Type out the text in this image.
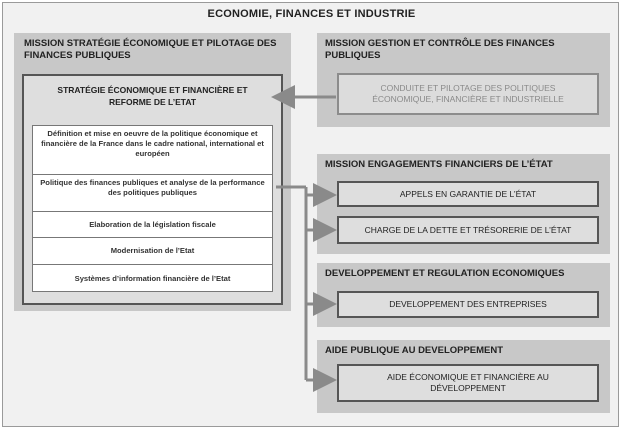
ECONOMIE, FINANCES ET INDUSTRIE
MISSION STRATÉGIE ÉCONOMIQUE ET PILOTAGE DES FINANCES PUBLIQUES
STRATÉGIE ÉCONOMIQUE ET FINANCIÈRE ET REFORME DE L’ETAT
Définition et mise en oeuvre de la politique économique et financière de la France dans le cadre national, international et européen
Politique des finances publiques et analyse de la performance des politiques publiques
Elaboration de la législation fiscale
Modernisation de l’Etat
Systèmes d’information financière de l’Etat
MISSION GESTION ET CONTRÔLE DES FINANCES PUBLIQUES
CONDUITE ET PILOTAGE DES POLITIQUES ÉCONOMIQUE, FINANCIÈRE ET INDUSTRIELLE
MISSION ENGAGEMENTS FINANCIERS DE L’ÉTAT
APPELS EN GARANTIE DE L’ÉTAT
CHARGE DE LA DETTE ET TRÉSORERIE DE L’ÉTAT
DEVELOPPEMENT ET REGULATION ECONOMIQUES
DEVELOPPEMENT DES ENTREPRISES
AIDE PUBLIQUE AU DEVELOPPEMENT
AIDE ÉCONOMIQUE ET FINANCIÈRE AU DÉVELOPPEMENT
